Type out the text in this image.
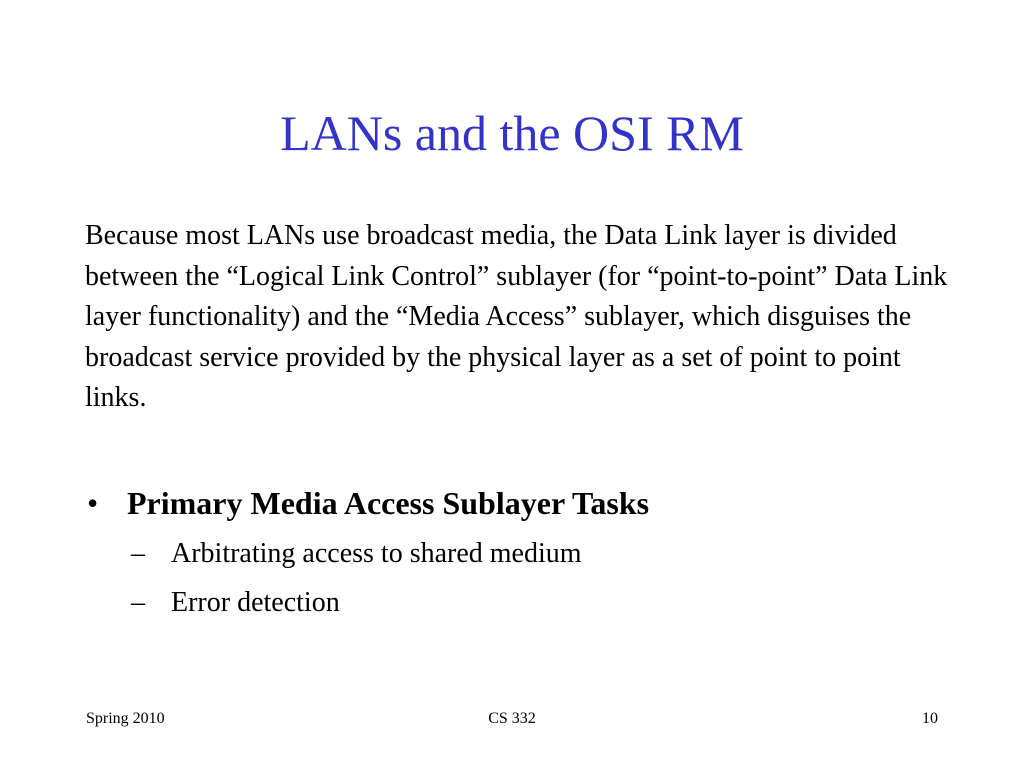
LANs and the OSI RM
Because most LANs use broadcast media, the Data Link layer is divided between the “Logical Link Control” sublayer (for “point-to-point” Data Link layer functionality) and the “Media Access” sublayer, which disguises the broadcast service provided by the physical layer as a set of point to point links.
• Primary Media Access Sublayer Tasks
– Arbitrating access to shared medium
– Error detection
Spring 2010	CS 332	10
